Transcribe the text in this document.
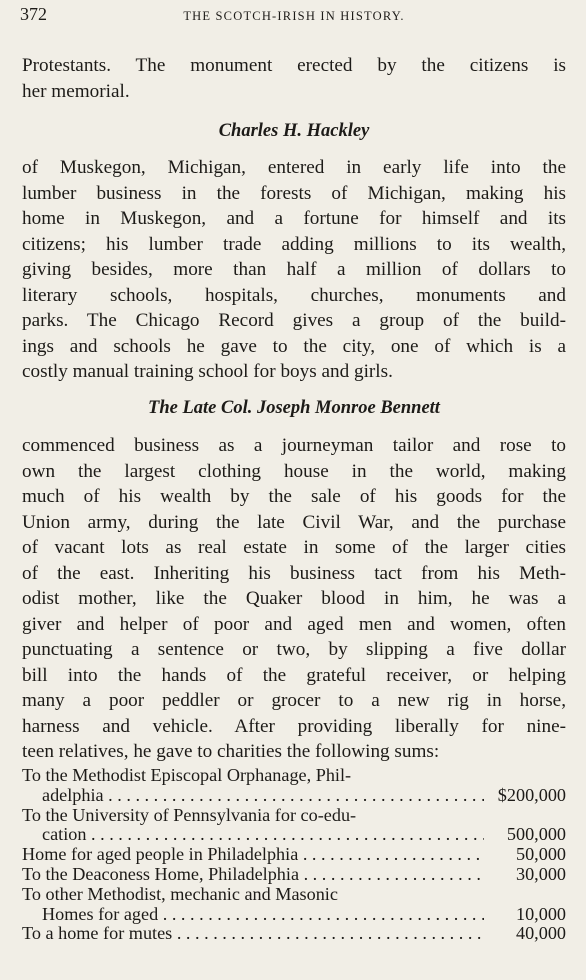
372	THE SCOTCH-IRISH IN HISTORY.

Protestants. The monument erected by the citizens is
her memorial.

Charles H. Hackley

of Muskegon, Michigan, entered in early life into the
lumber business in the forests of Michigan, making his
home in Muskegon, and a fortune for himself and its
citizens; his lumber trade adding millions to its wealth,
giving besides, more than half a million of dollars to
literary schools, hospitals, churches, monuments and
parks. The Chicago Record gives a group of the build-
ings and schools he gave to the city, one of which is a
costly manual training school for boys and girls.

The Late Col. Joseph Monroe Bennett

commenced business as a journeyman tailor and rose to
own the largest clothing house in the world, making
much of his wealth by the sale of his goods for the
Union army, during the late Civil War, and the purchase
of vacant lots as real estate in some of the larger cities
of the east. Inheriting his business tact from his Meth-
odist mother, like the Quaker blood in him, he was a
giver and helper of poor and aged men and women, often
punctuating a sentence or two, by slipping a five dollar
bill into the hands of the grateful receiver, or helping
many a poor peddler or grocer to a new rig in horse,
harness and vehicle. After providing liberally for nine-
teen relatives, he gave to charities the following sums:

To the Methodist Episcopal Orphanage, Phil-
adelphia . . .	$200,000
To the University of Pennsylvania for co-edu-
cation . . .	500,000
Home for aged people in Philadelphia . . .	50,000
To the Deaconess Home, Philadelphia . . .	30,000
To other Methodist, mechanic and Masonic
Homes for aged . . .	10,000
To a home for mutes . . .	40,000
